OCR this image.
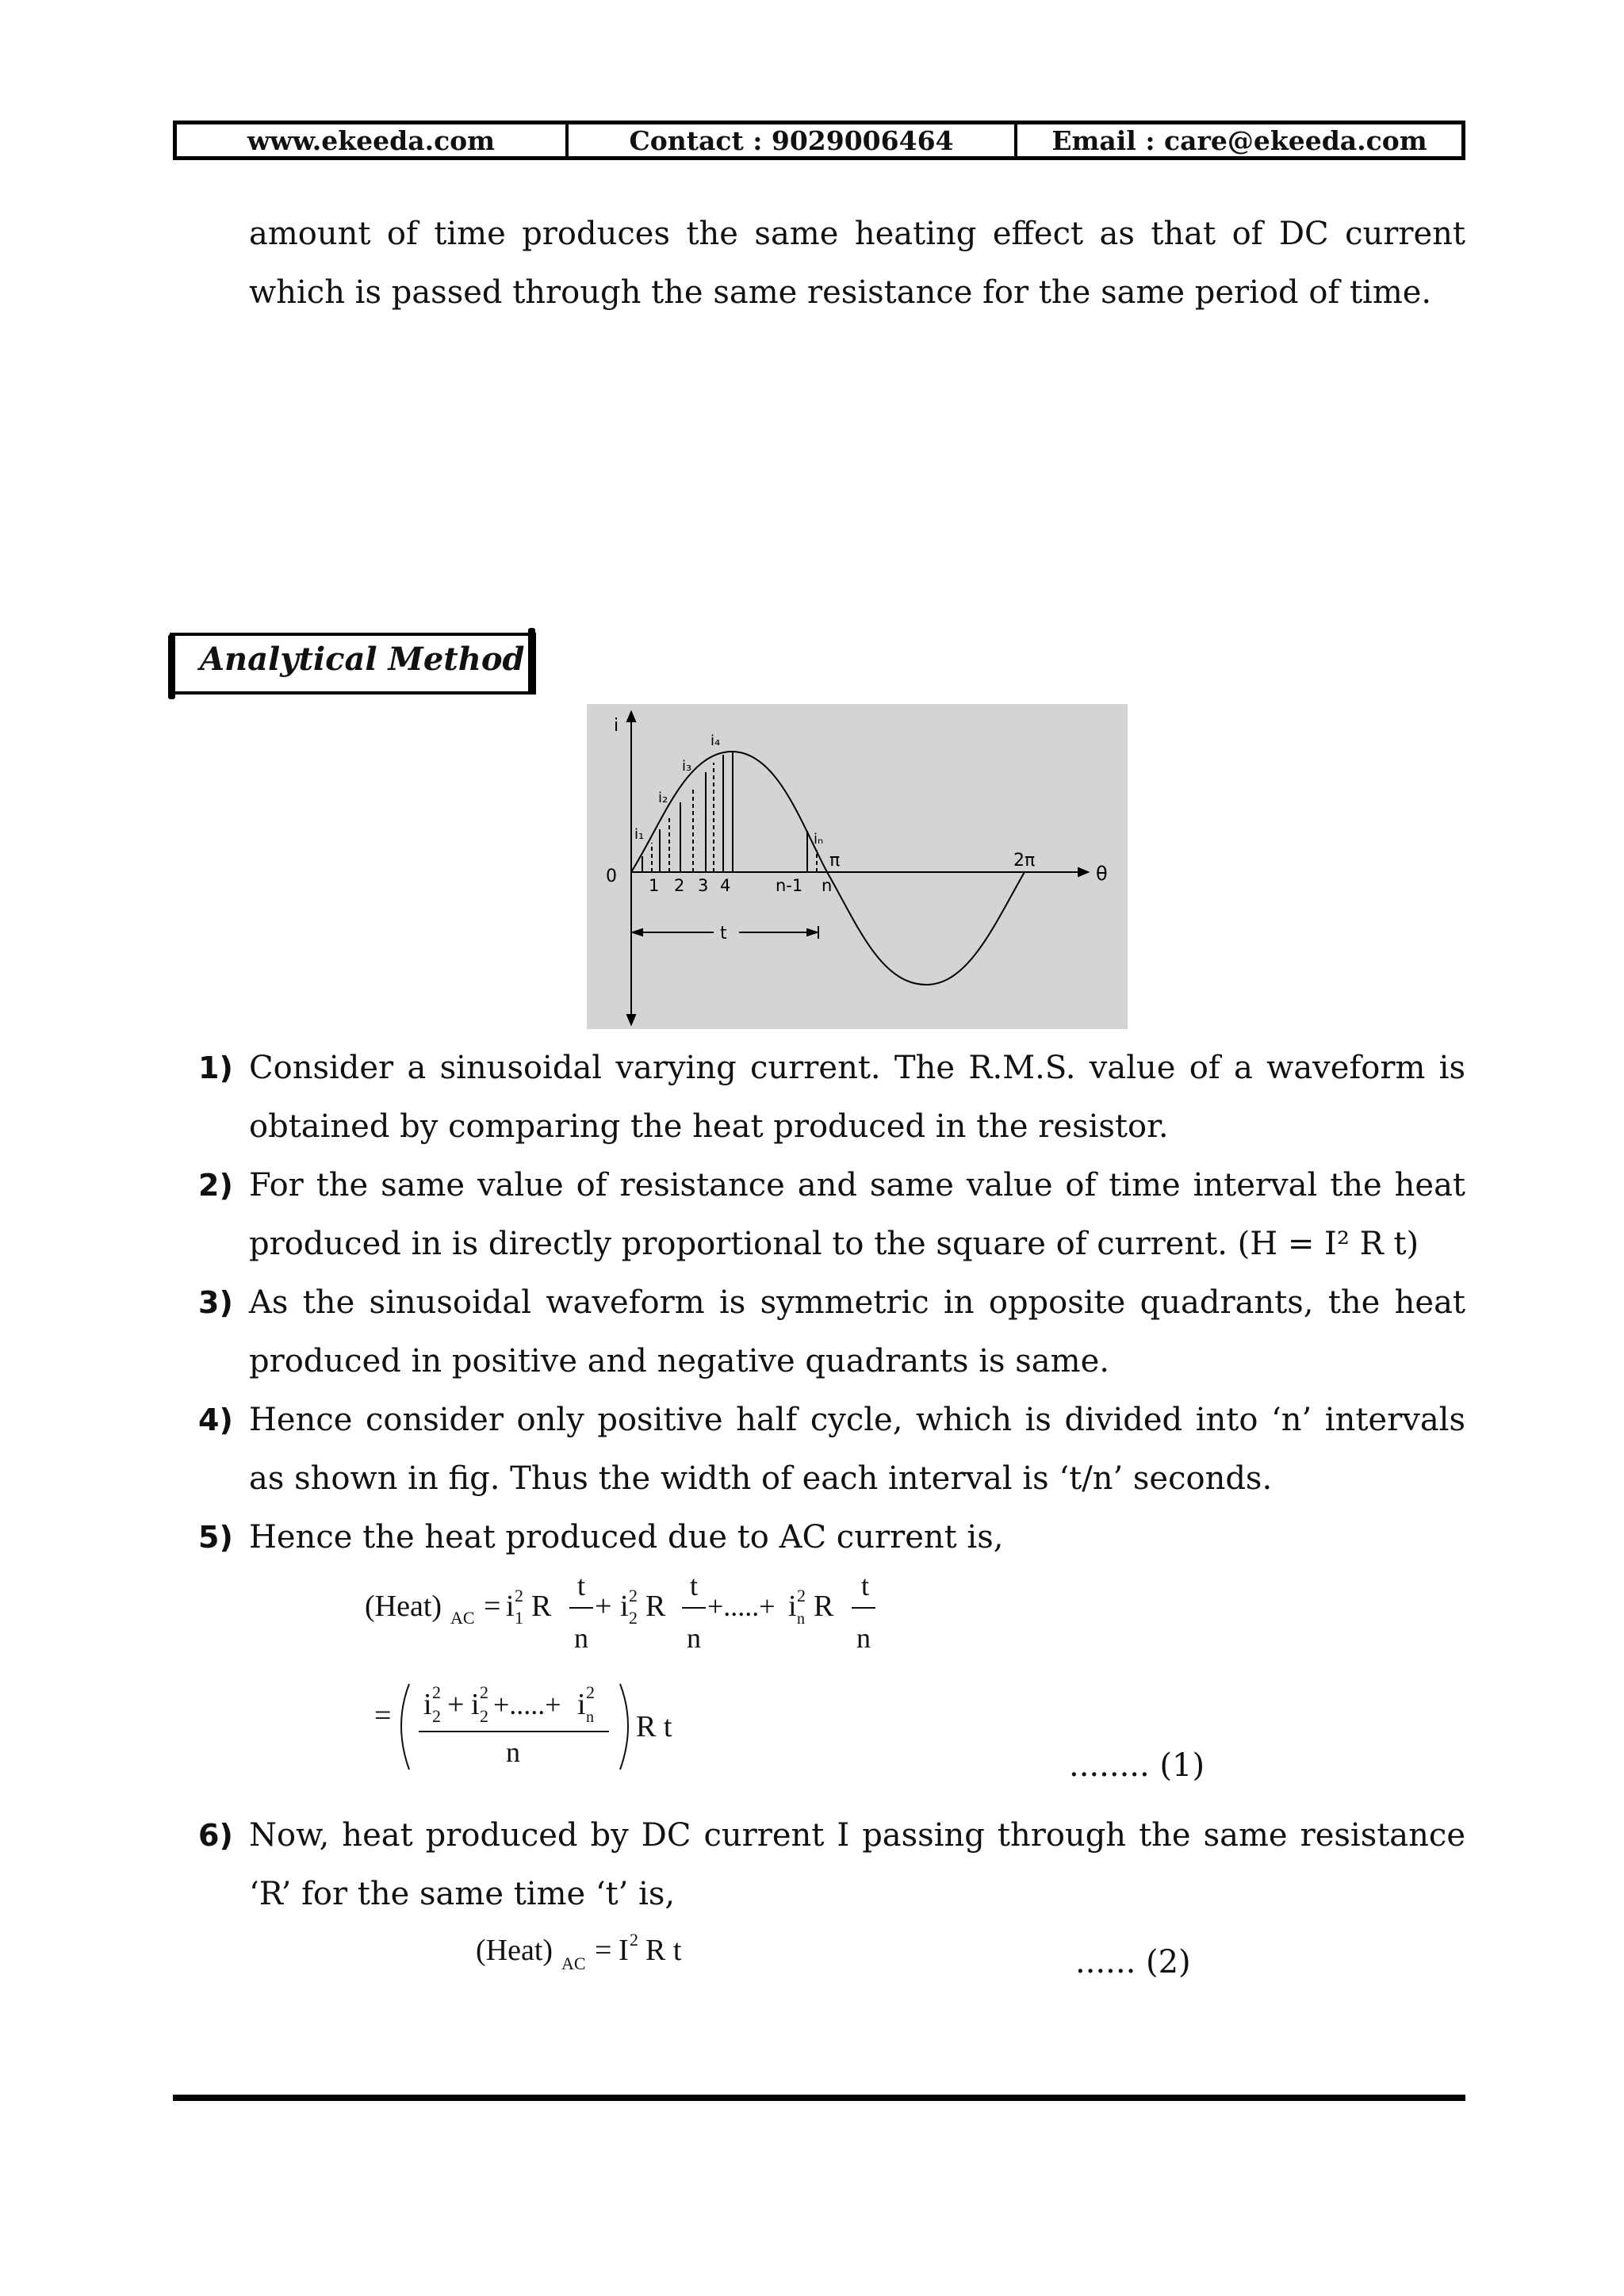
www.ekeeda.com	Contact : 9029006464	Email : care@ekeeda.com
amount of time produces the same heating effect as that of DC current
which is passed through the same resistance for the same period of time.
Analytical Method
i
0	θ
π	2π
1 2 3 4	n-1 n
i₁
i₂
i₃
i₄
iₙ
t
1) Consider a sinusoidal varying current. The R.M.S. value of a waveform is
obtained by comparing the heat produced in the resistor.
2) For the same value of resistance and same value of time interval the heat
produced in is directly proportional to the square of current. (H = I² R t)
3) As the sinusoidal waveform is symmetric in opposite quadrants, the heat
produced in positive and negative quadrants is same.
4) Hence consider only positive half cycle, which is divided into ‘n’ intervals
as shown in fig. Thus the width of each interval is ‘t/n’ seconds.
5) Hence the heat produced due to AC current is,
(Heat) AC = i 2
1 R
t
n
+ i 2
2 R
t
n
+.....+ i 2
n R
t
n
= i 2
2 + i 2
2 +.....+ i 2
n
n
R t
........ (1)
6) Now, heat produced by DC current I passing through the same resistance
‘R’ for the same time ‘t’ is,
(Heat) AC = I 2 R t	...... (2)
